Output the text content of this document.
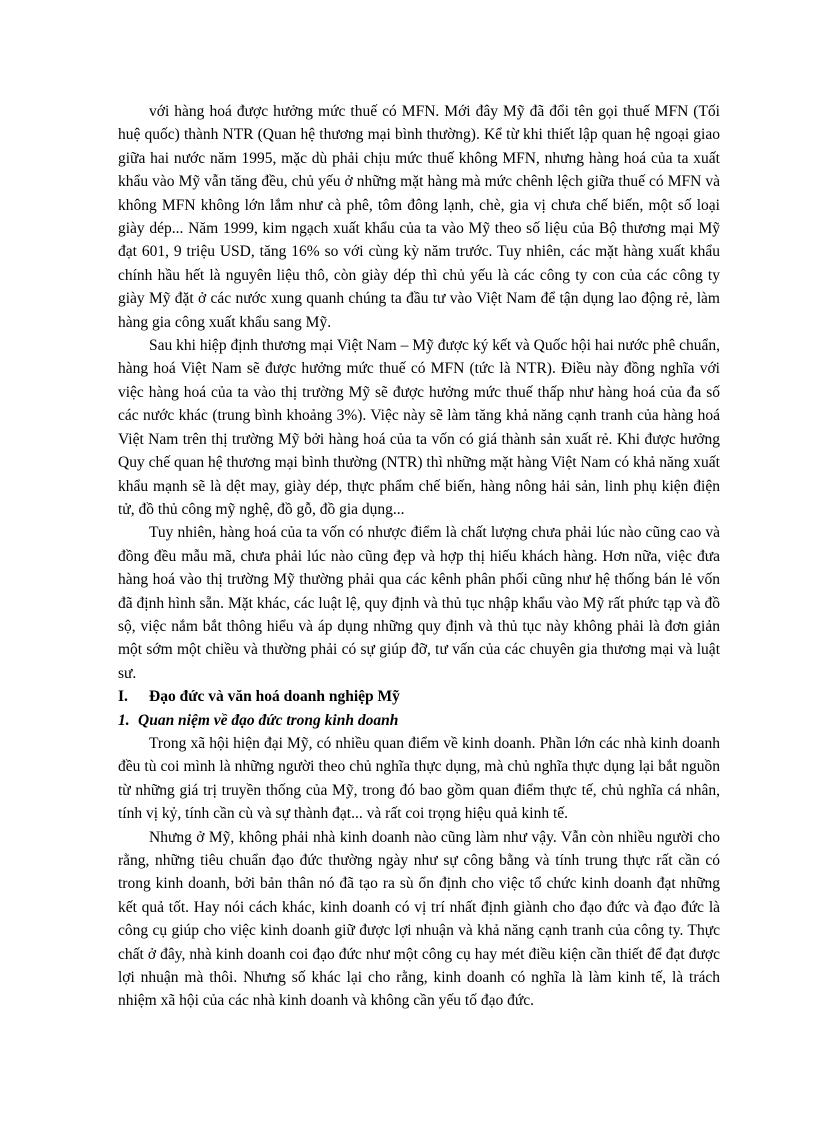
với hàng hoá được hưởng mức thuế có MFN. Mới đây Mỹ đã đổi tên gọi thuế MFN (Tối huệ quốc) thành NTR (Quan hệ thương mại bình thường). Kể từ khi thiết lập quan hệ ngoại giao giữa hai nước năm 1995, mặc dù phải chịu mức thuế không MFN, nhưng hàng hoá của ta xuất khẩu vào Mỹ vẫn tăng đều, chủ yếu ở những mặt hàng mà mức chênh lệch giữa thuế có MFN và không MFN không lớn lắm như cà phê, tôm đông lạnh, chè, gia vị chưa chế biến, một số loại giày dép... Năm 1999, kim ngạch xuất khẩu của ta vào Mỹ theo số liệu của Bộ thương mại Mỹ đạt 601, 9 triệu USD, tăng 16% so với cùng kỳ năm trước. Tuy nhiên, các mặt hàng xuất khẩu chính hầu hết là nguyên liệu thô, còn giày dép thì chủ yếu là các công ty con của các công ty giày Mỹ đặt ở các nước xung quanh chúng ta đầu tư vào Việt Nam để tận dụng lao động rẻ, làm hàng gia công xuất khẩu sang Mỹ.

Sau khi hiệp định thương mại Việt Nam – Mỹ được ký kết và Quốc hội hai nước phê chuẩn, hàng hoá Việt Nam sẽ được hưởng mức thuế có MFN (tức là NTR). Điều này đồng nghĩa với việc hàng hoá của ta vào thị trường Mỹ sẽ được hưởng mức thuế thấp như hàng hoá của đa số các nước khác (trung bình khoảng 3%). Việc này sẽ làm tăng khả năng cạnh tranh của hàng hoá Việt Nam trên thị trường Mỹ bởi hàng hoá của ta vốn có giá thành sản xuất rẻ. Khi được hưởng Quy chế quan hệ thương mại bình thường (NTR) thì những mặt hàng Việt Nam có khả năng xuất khẩu mạnh sẽ là dệt may, giày dép, thực phẩm chế biến, hàng nông hải sản, linh phụ kiện điện tử, đồ thủ công mỹ nghệ, đồ gỗ, đồ gia dụng...

Tuy nhiên, hàng hoá của ta vốn có nhược điểm là chất lượng chưa phải lúc nào cũng cao và đồng đều mẫu mã, chưa phải lúc nào cũng đẹp và hợp thị hiếu khách hàng. Hơn nữa, việc đưa hàng hoá vào thị trường Mỹ thường phải qua các kênh phân phối cũng như hệ thống bán lẻ vốn đã định hình sẵn. Mặt khác, các luật lệ, quy định và thủ tục nhập khẩu vào Mỹ rất phức tạp và đồ sộ, việc nắm bắt thông hiểu và áp dụng những quy định và thủ tục này không phải là đơn giản một sớm một chiều và thường phải có sự giúp đỡ, tư vấn của các chuyên gia thương mại và luật sư.

I.	Đạo đức và văn hoá doanh nghiệp Mỹ
1. Quan niệm về đạo đức trong kinh doanh

Trong xã hội hiện đại Mỹ, có nhiều quan điểm về kinh doanh. Phần lớn các nhà kinh doanh đều tù coi mình là những người theo chủ nghĩa thực dụng, mà chủ nghĩa thực dụng lại bắt nguồn từ những giá trị truyền thống của Mỹ, trong đó bao gồm quan điểm thực tế, chủ nghĩa cá nhân, tính vị kỷ, tính cần cù và sự thành đạt... và rất coi trọng hiệu quả kinh tế.

Nhưng ở Mỹ, không phải nhà kinh doanh nào cũng làm như vậy. Vẫn còn nhiều người cho rằng, những tiêu chuẩn đạo đức thường ngày như sự công bằng và tính trung thực rất cần có trong kinh doanh, bởi bản thân nó đã tạo ra sù ổn định cho việc tổ chức kinh doanh đạt những kết quả tốt. Hay nói cách khác, kinh doanh có vị trí nhất định giành cho đạo đức và đạo đức là công cụ giúp cho việc kinh doanh giữ được lợi nhuận và khả năng cạnh tranh của công ty. Thực chất ở đây, nhà kinh doanh coi đạo đức như một công cụ hay mét điều kiện cần thiết để đạt được lợi nhuận mà thôi. Nhưng số khác lại cho rằng, kinh doanh có nghĩa là làm kinh tế, là trách nhiệm xã hội của các nhà kinh doanh và không cần yếu tố đạo đức.
